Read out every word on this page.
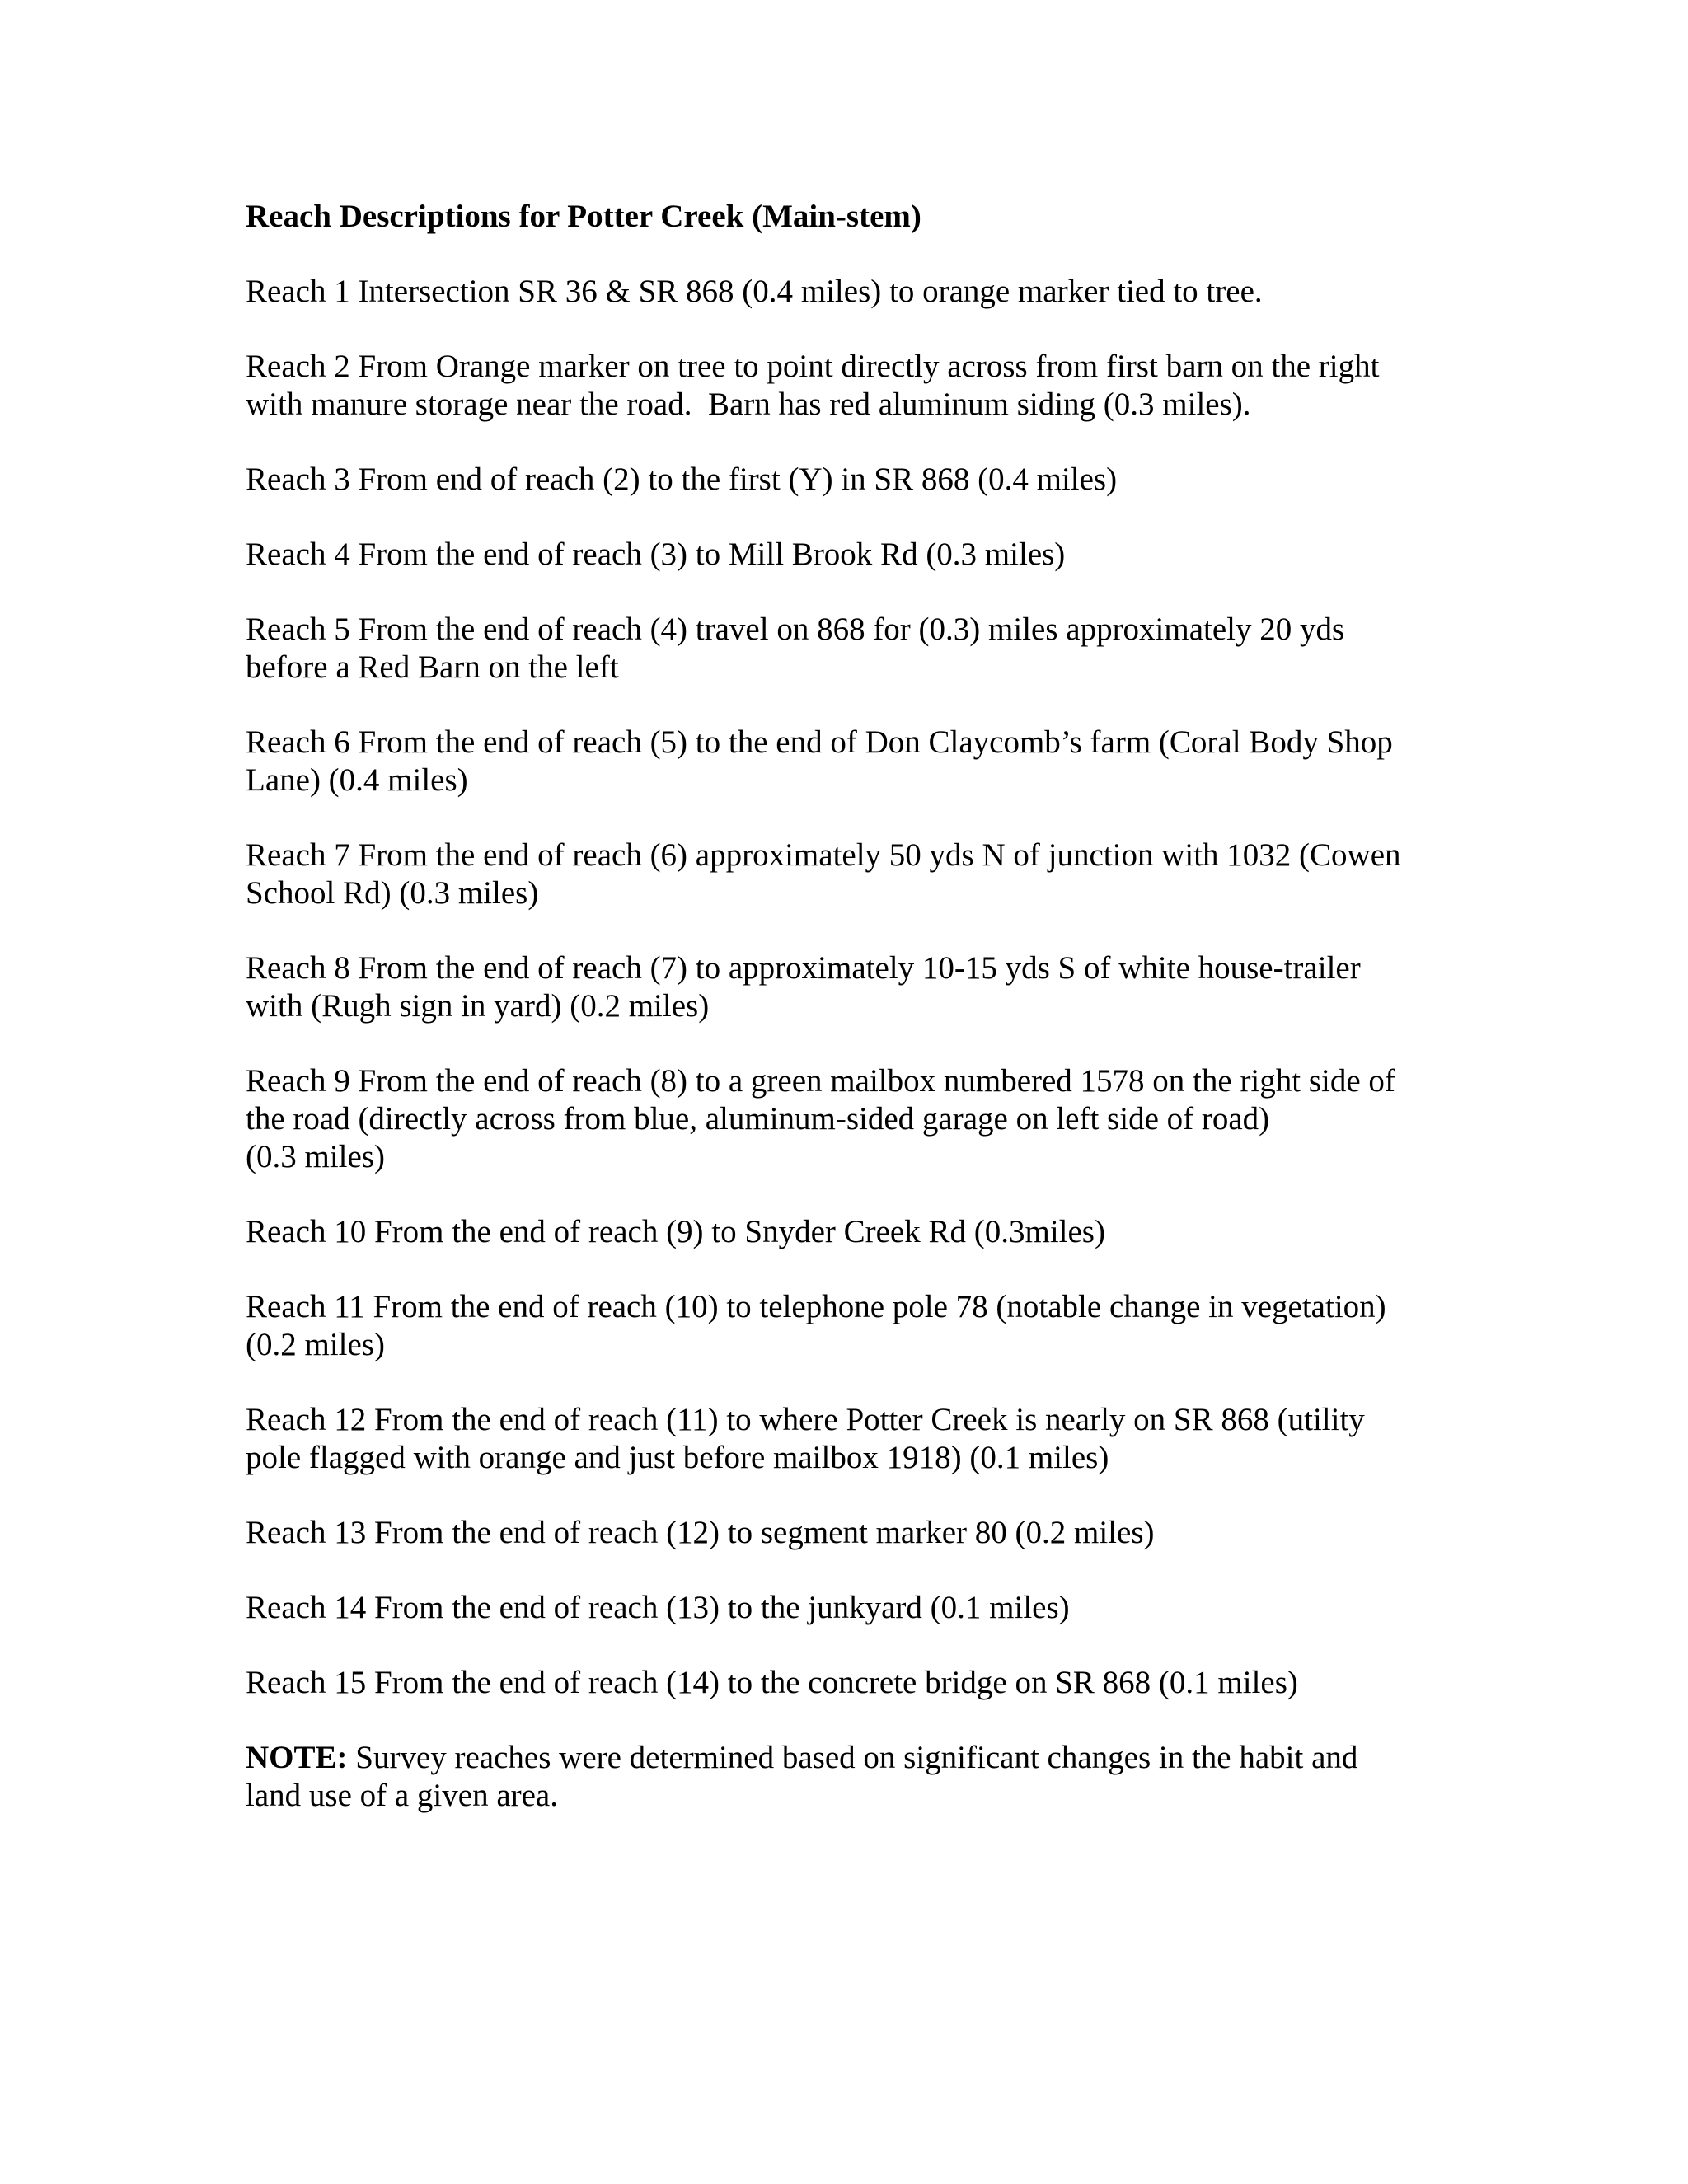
Reach Descriptions for Potter Creek (Main-stem)

Reach 1 Intersection SR 36 & SR 868 (0.4 miles) to orange marker tied to tree.

Reach 2 From Orange marker on tree to point directly across from first barn on the right
with manure storage near the road.  Barn has red aluminum siding (0.3 miles).

Reach 3 From end of reach (2) to the first (Y) in SR 868 (0.4 miles)

Reach 4 From the end of reach (3) to Mill Brook Rd (0.3 miles)

Reach 5 From the end of reach (4) travel on 868 for (0.3) miles approximately 20 yds
before a Red Barn on the left

Reach 6 From the end of reach (5) to the end of Don Claycomb’s farm (Coral Body Shop
Lane) (0.4 miles)

Reach 7 From the end of reach (6) approximately 50 yds N of junction with 1032 (Cowen
School Rd) (0.3 miles)

Reach 8 From the end of reach (7) to approximately 10-15 yds S of white house-trailer
with (Rugh sign in yard) (0.2 miles)

Reach 9 From the end of reach (8) to a green mailbox numbered 1578 on the right side of
the road (directly across from blue, aluminum-sided garage on left side of road)
(0.3 miles)

Reach 10 From the end of reach (9) to Snyder Creek Rd (0.3miles)

Reach 11 From the end of reach (10) to telephone pole 78 (notable change in vegetation)
(0.2 miles)

Reach 12 From the end of reach (11) to where Potter Creek is nearly on SR 868 (utility
pole flagged with orange and just before mailbox 1918) (0.1 miles)

Reach 13 From the end of reach (12) to segment marker 80 (0.2 miles)

Reach 14 From the end of reach (13) to the junkyard (0.1 miles)

Reach 15 From the end of reach (14) to the concrete bridge on SR 868 (0.1 miles)

NOTE: Survey reaches were determined based on significant changes in the habit and
land use of a given area.
